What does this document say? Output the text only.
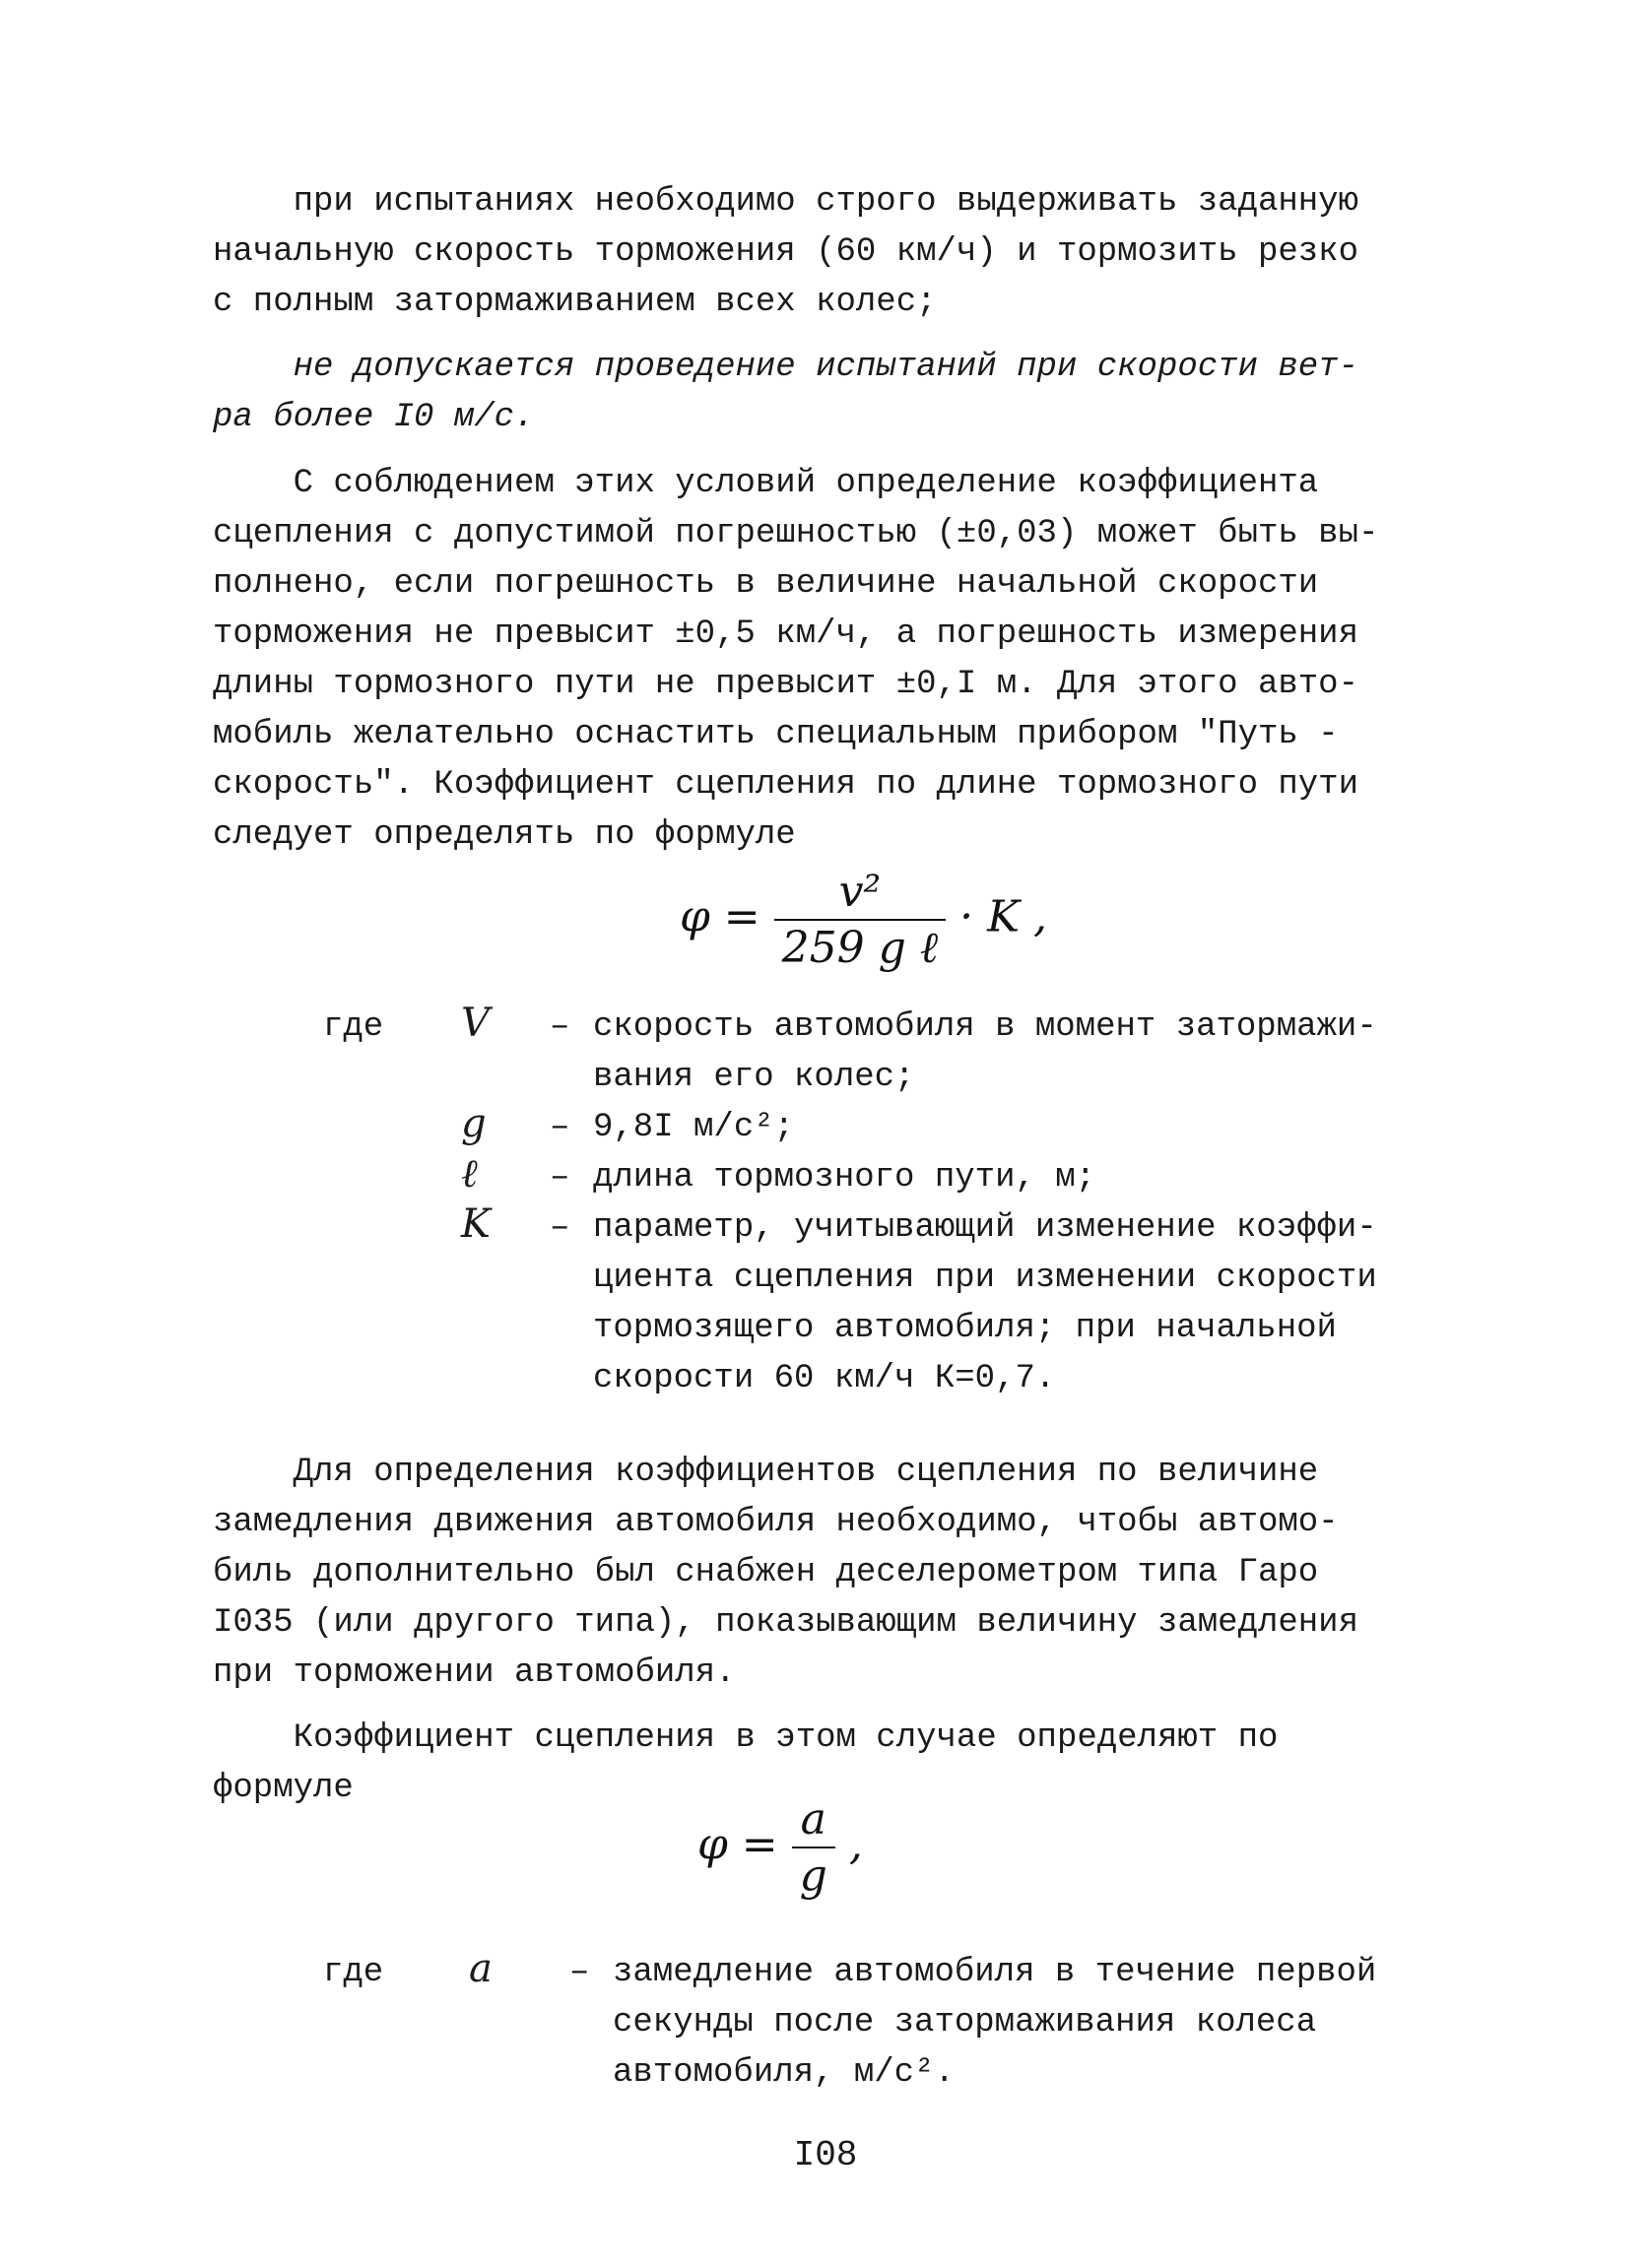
при испытаниях необходимо строго выдерживать заданную
начальную скорость торможения (60 км/ч) и тормозить резко
с полным затормаживанием всех колес;
не допускается проведение испытаний при скорости вет-
ра более I0 м/с.
С соблюдением этих условий определение коэффициента
сцепления с допустимой погрешностью (±0,03) может быть вы-
полнено, если погрешность в величине начальной скорости
торможения не превысит ±0,5 км/ч, а погрешность измерения
длины тормозного пути не превысит ±0,I м. Для этого авто-
мобиль желательно оснастить специальным прибором "Путь -
скорость". Коэффициент сцепления по длине тормозного пути
следует определять по формуле
$\varphi = \frac{\text{v²}}{\text{259 g ℓ}} \cdot K$ ,
где V – скорость автомобиля в момент затормажи-
вания его колес;
g – 9,8I м/с²;
ℓ – длина тормозного пути, м;
K – параметр, учитывающий изменение коэффи-
циента сцепления при изменении скорости
тормозящего автомобиля; при начальной
скорости 60 км/ч К=0,7.
Для определения коэффициентов сцепления по величине
замедления движения автомобиля необходимо, чтобы автомо-
биль дополнительно был снабжен деселерометром типа Гаро
I035 (или другого типа), показывающим величину замедления
при торможении автомобиля.
Коэффициент сцепления в этом случае определяют по
формуле
$\varphi = \frac{a}{g}$ ,
где a – замедление автомобиля в течение первой
секунды после затормаживания колеса
автомобиля, м/с².
I08
